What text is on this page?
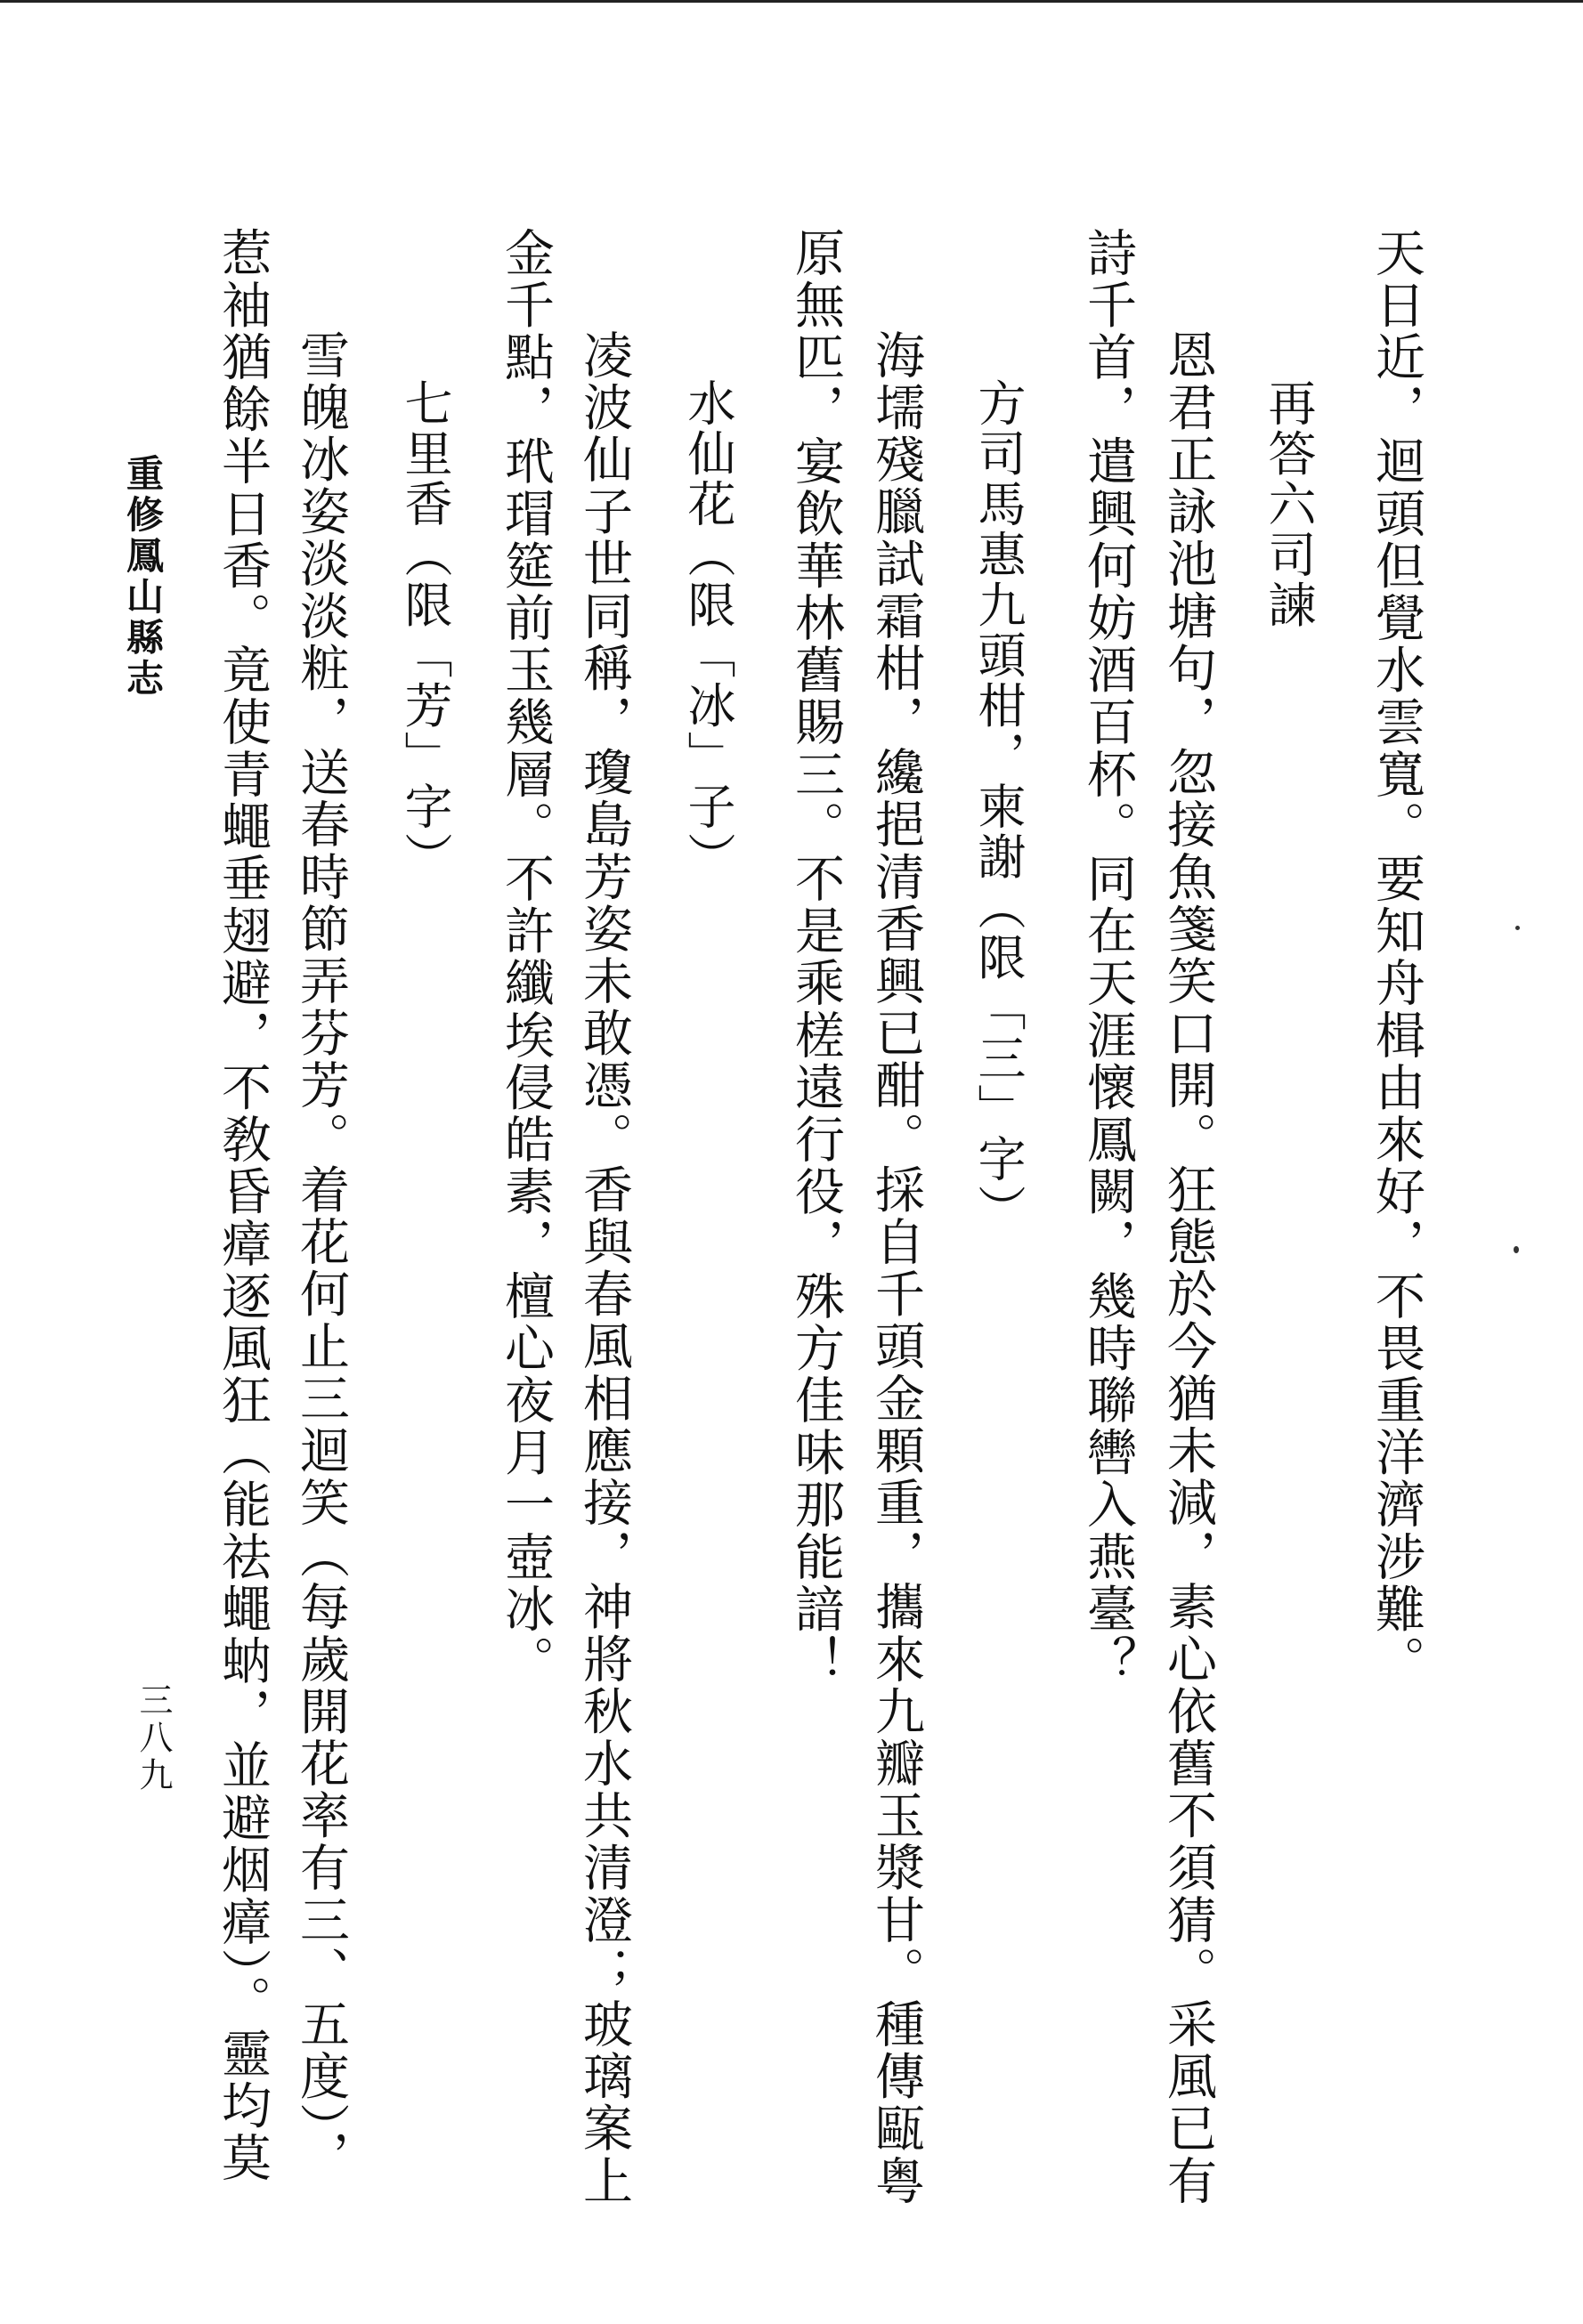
天日近，迴頭但覺水雲寬。要知舟楫由來好，不畏重洋濟涉難。
再答六司諫
恩君正詠池塘句，忽接魚箋笑口開。狂態於今猶未減，素心依舊不須猜。采風已有
詩千首，遣興何妨酒百杯。同在天涯懷鳳闕，幾時聯轡入燕臺？
方司馬惠九頭柑，柬謝（限「三」字）
海壖殘臘試霜柑，纔挹清香興已酣。採自千頭金顆重，攜來九瓣玉漿甘。種傳甌粤
原無匹，宴飲華林舊賜三。不是乘槎遠行役，殊方佳味那能諳！
水仙花（限「冰」子）
凌波仙子世同稱，瓊島芳姿未敢憑。香與春風相應接，神將秋水共清澄；玻璃案上
金千點，玳瑁筵前玉幾層。不許纖埃侵皓素，檀心夜月一壺冰。
七里香（限「芳」字）
雪魄冰姿淡淡粧，送春時節弄芬芳。着花何止三迴笑（每歲開花率有三、五度），
惹袖猶餘半日香。竟使青蠅垂翅避，不敎昏瘴逐風狂（能祛蠅蚋，並避烟瘴）。靈均莫
重修鳳山縣志
三八九
